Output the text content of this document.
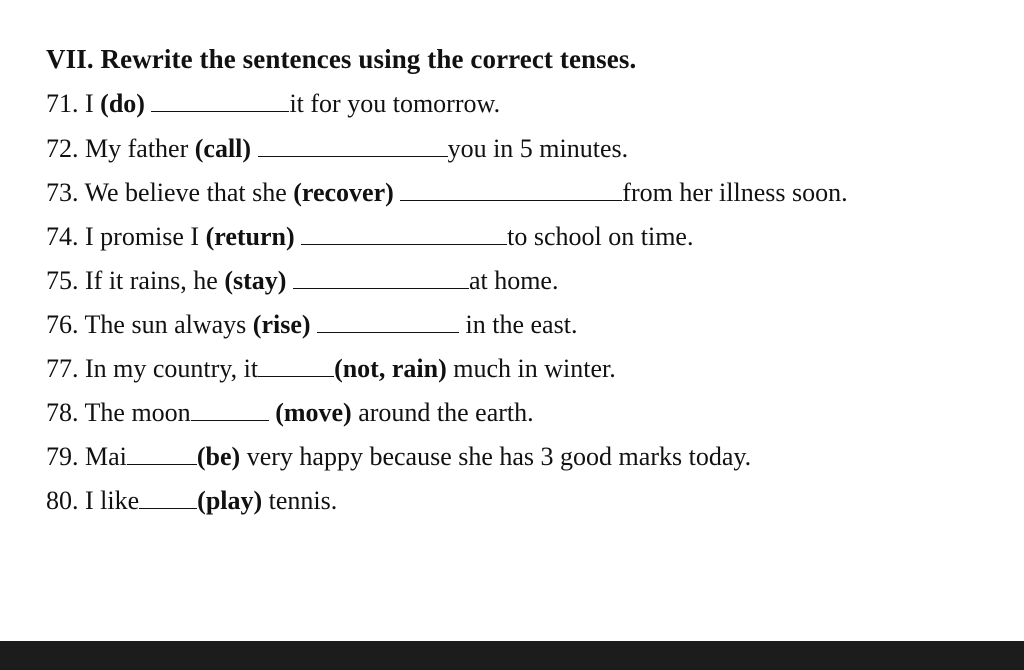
VII. Rewrite the sentences using the correct tenses.
71. I (do)	it for you tomorrow.
72. My father (call)	you in 5 minutes.
73. We believe that she (recover)	from her illness soon.
74. I promise I (return)	to school on time.
75. If it rains, he (stay)	at home.
76. The sun always (rise)	in the east.
77. In my country, it	(not, rain) much in winter.
78. The moon	(move) around the earth.
79. Mai	(be) very happy because she has 3 good marks today.
80. I like (play) tennis.
